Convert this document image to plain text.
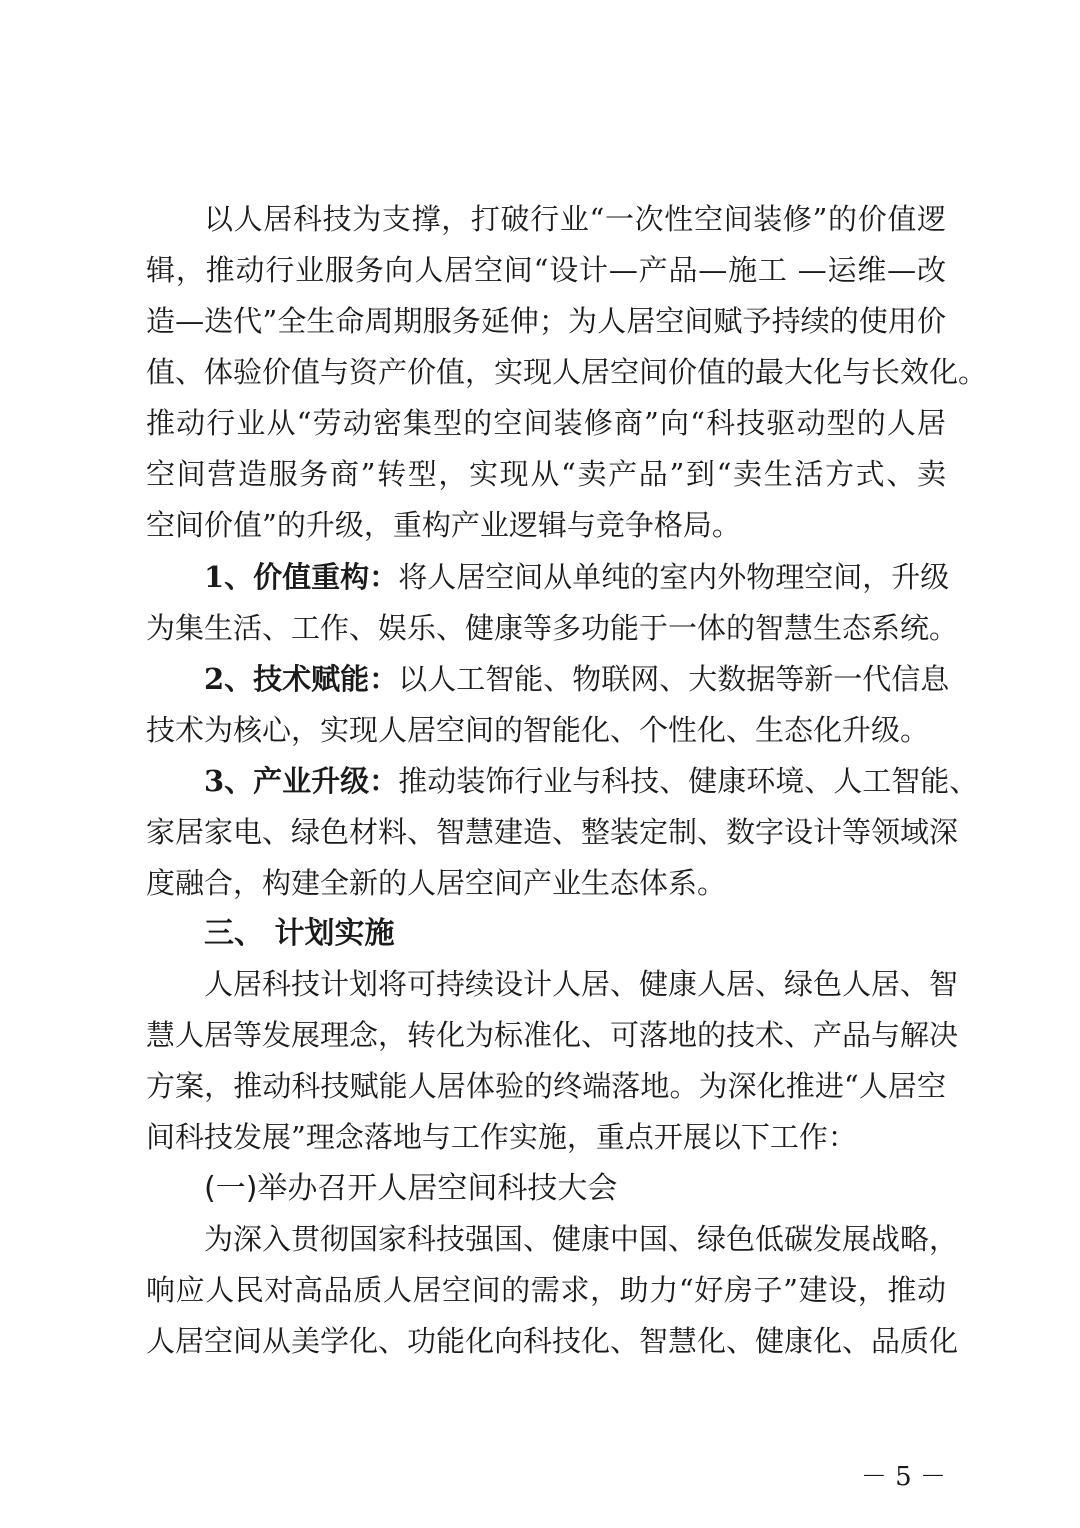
以人居科技为支撑，打破行业“一次性空间装修”的价值逻
辑，推动行业服务向人居空间“设计—产品—施工 —运维—改
造—迭代”全生命周期服务延伸；为人居空间赋予持续的使用价
值、体验价值与资产价值，实现人居空间价值的最大化与长效化。
推动行业从“劳动密集型的空间装修商”向“科技驱动型的人居
空间营造服务商”转型，实现从“卖产品”到“卖生活方式、卖
空间价值”的升级，重构产业逻辑与竞争格局。
1、价值重构：将人居空间从单纯的室内外物理空间，升级
为集生活、工作、娱乐、健康等多功能于一体的智慧生态系统。
2、技术赋能：以人工智能、物联网、大数据等新一代信息
技术为核心，实现人居空间的智能化、个性化、生态化升级。
3、产业升级：推动装饰行业与科技、健康环境、人工智能、
家居家电、绿色材料、智慧建造、整装定制、数字设计等领域深
度融合，构建全新的人居空间产业生态体系。
三、 计划实施
人居科技计划将可持续设计人居、健康人居、绿色人居、智
慧人居等发展理念，转化为标准化、可落地的技术、产品与解决
方案，推动科技赋能人居体验的终端落地。为深化推进“人居空
间科技发展”理念落地与工作实施，重点开展以下工作：
(一)举办召开人居空间科技大会
为深入贯彻国家科技强国、健康中国、绿色低碳发展战略，
响应人民对高品质人居空间的需求，助力“好房子”建设，推动
人居空间从美学化、功能化向科技化、智慧化、健康化、品质化
－ 5 －
